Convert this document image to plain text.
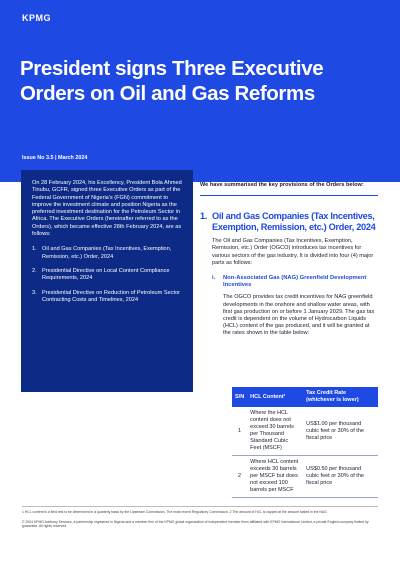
KPMG
President signs Three Executive Orders on Oil and Gas Reforms
Issue No 3.5 | March 2024

On 28 February 2024, his Excellency, President Bola Ahmed Tinubu, GCFR, signed three Executive Orders as part of the Federal Government of Nigeria's (FGN) commitment to improve the investment climate and position Nigeria as the preferred investment destination for the Petroleum Sector in Africa. The Executive Orders (hereinafter referred to as the Orders), which became effective 28th February 2024, are as follows:

1. Oil and Gas Companies (Tax Incentives, Exemption, Remission, etc.) Order, 2024
2. Presidential Directive on Local Content Compliance Requirements, 2024
3. Presidential Directive on Reduction of Petroleum Sector Contracting Costs and Timelines, 2024

We have summarised the key provisions of the Orders below:

1. Oil and Gas Companies (Tax Incentives, Exemption, Remission, etc.) Order, 2024

The Oil and Gas Companies (Tax Incentives, Exemption, Remission, etc.) Order (OGCO) introduces tax incentives for various sectors of the gas industry. It is divided into four (4) major parts as follows:

i.	Non-Associated Gas (NAG) Greenfield Development Incentives

The OGCO provides tax credit incentives for NAG greenfield developments in the onshore and shallow water areas, with first gas production on or before 1 January 2029. The gas tax credit is dependent on the volume of Hydrocarbon Liquids (HCL) content of the gas produced, and it will be granted at the rates shown in the table below:

S/N	HCL Content¹	Tax Credit Rate (whichever is lower)
1	Where the HCL content does not exceed 30 barrels per Thousand Standard Cubic Feet (MSCF)	US$1.00 per thousand cubic feet or 30% of the fiscal price
2	Where HCL content exceeds 30 barrels per MSCF but does not exceed 100 barrels per MSCF	US$0.50 per thousand cubic feet or 30% of the fiscal price

1 HCL content is a field test to be determined in a quarterly basis by the Upstream Commission. The most recent Regulatory Commission. 2 The amount of HCL is capped at the amount stated in the NAG

© 2024 KPMG Advisory Services, a partnership registered in Nigeria and a member firm of the KPMG global organization of independent member firms affiliated with KPMG International Limited, a private English company limited by guarantee. All rights reserved.
